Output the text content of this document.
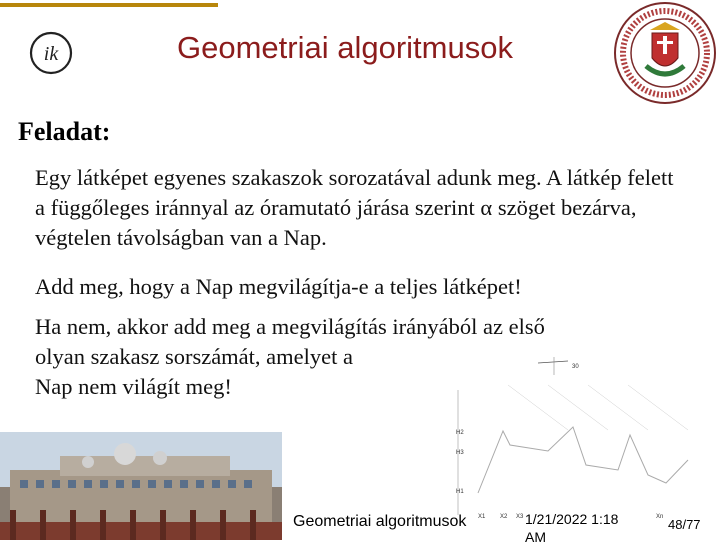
ik	Geometriai algoritmusok
Feladat:
Egy látképet egyenes szakaszok sorozatával adunk meg. A látkép felett a függőleges iránnyal az óramutató járása szerint α szöget bezárva, végtelen távolságban van a Nap.
Add meg, hogy a Nap megvilágítja-e a teljes látképet!
Ha nem, akkor add meg a megvilágítás irányából az első
olyan szakasz sorszámát, amelyet a
Nap nem világít meg!
30
H2
H3
H1
X1 X2 X3	Xn
Geometriai algoritmusok	1/21/2022 1:18
AM
48/77
